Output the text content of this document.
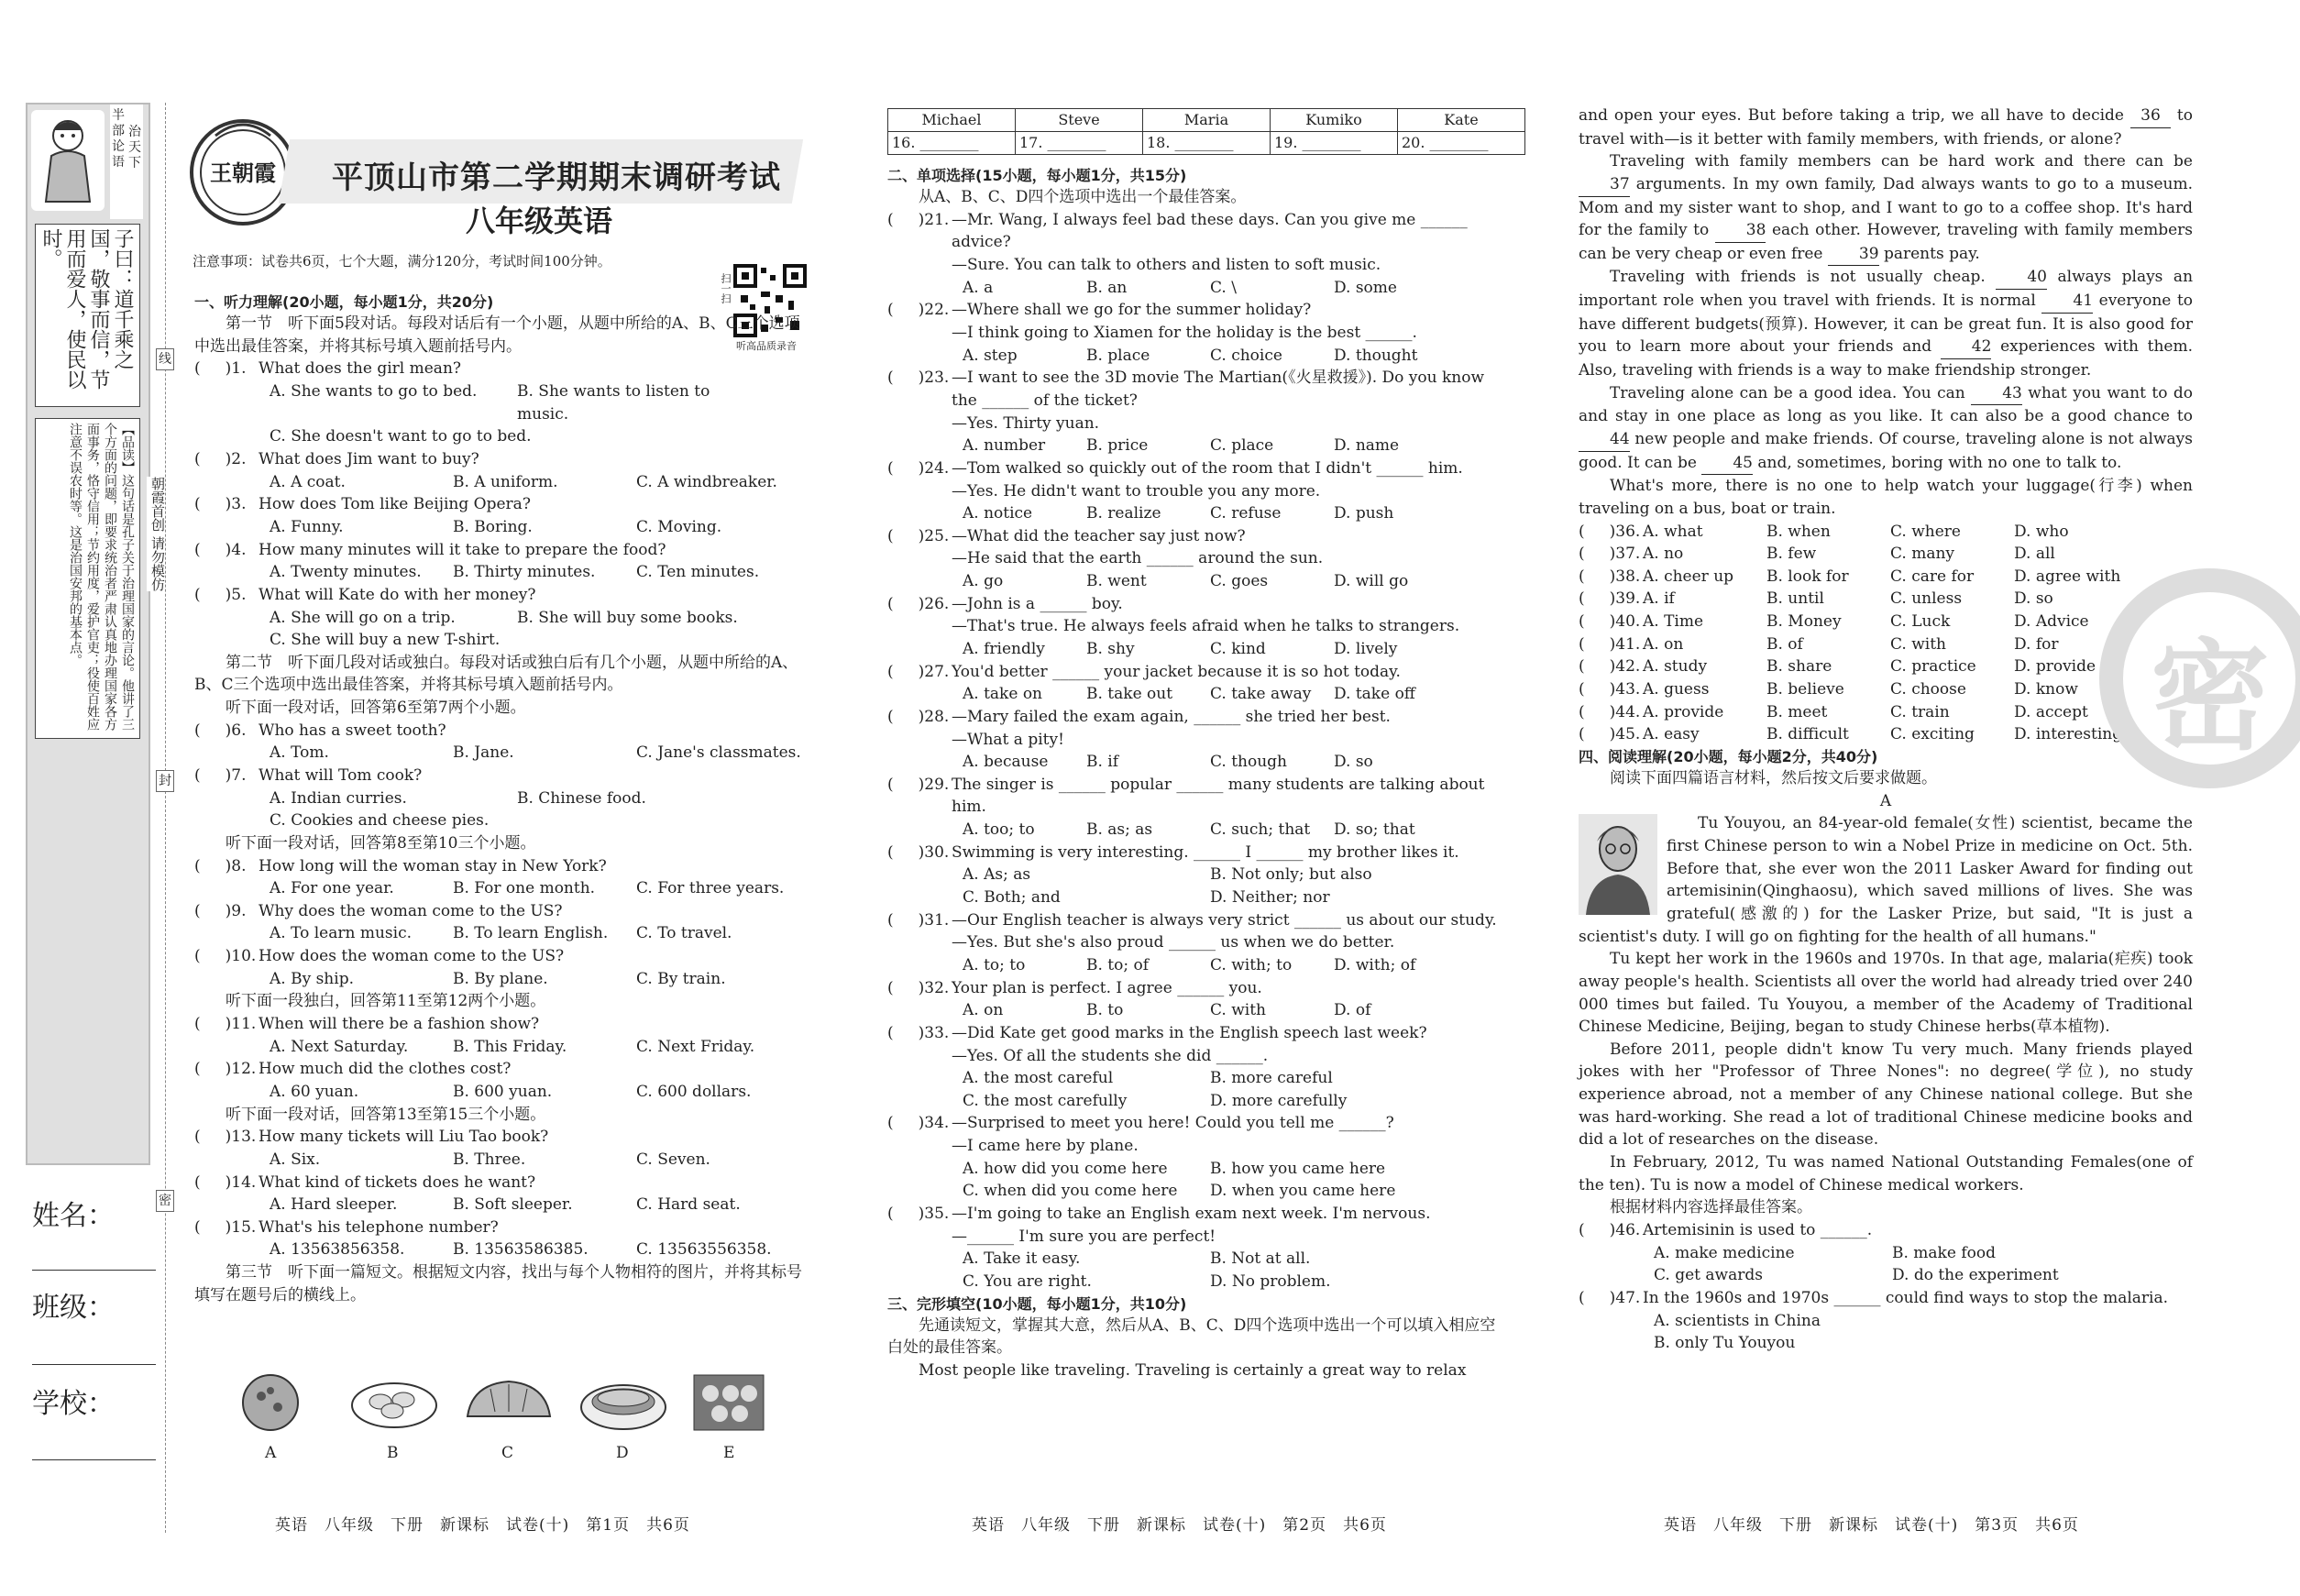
半
部
论
语
治
天
下
子曰：道千乘之国，敬事而信，节用而爱人，使民以时。
【品读】这句话是孔子关于治理国家的言论。他讲了三个方面的问题，即要求统治者严肃认真地办理国家各方面事务，恪守信用；节约用度，爱护官吏；役使百姓应注意不误农时等。这是治国安邦的基本点。	朝霞首创 请勿模仿
线
封
密
姓名：
班级：
学校：
王朝霞 平顶山市第二学期期末调研考试
八年级英语
注意事项：试卷共6页，七个大题，满分120分，考试时间100分钟。
扫一扫
听高品质录音

一、听力理解(20小题，每小题1分，共20分)

第一节　听下面5段对话。每段对话后有一个小题，从题中所给的A、B、C三个选项中选出最佳答案，并将其标号填入题前括号内。

(     )1. What does the girl mean?
A. She wants to go to bed.	B. She wants to listen to music.
C. She doesn't want to go to bed.
(     )2. What does Jim want to buy?
A. A coat.	B. A uniform.	C. A windbreaker.
(     )3. How does Tom like Beijing Opera?
A. Funny.	B. Boring.	C. Moving.
(     )4. How many minutes will it take to prepare the food?
A. Twenty minutes.	B. Thirty minutes.	C. Ten minutes.
(     )5. What will Kate do with her money?
A. She will go on a trip.	B. She will buy some books.
C. She will buy a new T-shirt.

第二节　听下面几段对话或独白。每段对话或独白后有几个小题，从题中所给的A、B、C三个选项中选出最佳答案，并将其标号填入题前括号内。

听下面一段对话，回答第6至第7两个小题。

(     )6. Who has a sweet tooth?
A. Tom.	B. Jane.	C. Jane's classmates.
(     )7. What will Tom cook?
A. Indian curries.	B. Chinese food.
C. Cookies and cheese pies.

听下面一段对话，回答第8至第10三个小题。

(     )8. How long will the woman stay in New York?
A. For one year.	B. For one month.	C. For three years.
(     )9. Why does the woman come to the US?
A. To learn music.	B. To learn English.	C. To travel.
(     )10. How does the woman come to the US?
A. By ship.	B. By plane.	C. By train.

听下面一段独白，回答第11至第12两个小题。

(     )11. When will there be a fashion show?
A. Next Saturday.	B. This Friday.	C. Next Friday.
(     )12. How much did the clothes cost?
A. 60 yuan.	B. 600 yuan.	C. 600 dollars.

听下面一段对话，回答第13至第15三个小题。

(     )13. How many tickets will Liu Tao book?
A. Six.	B. Three.	C. Seven.
(     )14. What kind of tickets does he want?
A. Hard sleeper.	B. Soft sleeper.	C. Hard seat.
(     )15. What's his telephone number?
A. 13563856358.	B. 13563586385.	C. 13563556358.

第三节　听下面一篇短文。根据短文内容，找出与每个人物相符的图片，并将其标号填写在题号后的横线上。

A	B	C	D	E
Michael	Steve	Maria	Kumiko	Kate
16. ________	17. ________	18. ________	19. ________	20. ________

二、单项选择(15小题，每小题1分，共15分)

从A、B、C、D四个选项中选出一个最佳答案。

(     )21. —Mr. Wang, I always feel bad these days. Can you give me ______ advice?
—Sure. You can talk to others and listen to soft music.
A. a	B. an	C. \	D. some
(     )22. —Where shall we go for the summer holiday?
—I think going to Xiamen for the holiday is the best ______.
A. step	B. place	C. choice	D. thought
(     )23. —I want to see the 3D movie The Martian(《火星救援》). Do you know the ______ of the ticket?
—Yes. Thirty yuan.
A. number	B. price	C. place	D. name
(     )24. —Tom walked so quickly out of the room that I didn't ______ him.
—Yes. He didn't want to trouble you any more.
A. notice	B. realize	C. refuse	D. push
(     )25. —What did the teacher say just now?
—He said that the earth ______ around the sun.
A. go	B. went	C. goes	D. will go
(     )26. —John is a ______ boy.
—That's true. He always feels afraid when he talks to strangers.
A. friendly	B. shy	C. kind	D. lively
(     )27. You'd better ______ your jacket because it is so hot today.
A. take on	B. take out	C. take away	D. take off
(     )28. —Mary failed the exam again, ______ she tried her best.
—What a pity!
A. because	B. if	C. though	D. so
(     )29. The singer is ______ popular ______ many students are talking about him.
A. too; to	B. as; as	C. such; that	D. so; that
(     )30. Swimming is very interesting. ______ I ______ my brother likes it.
A. As; as	B. Not only; but also
C. Both; and	D. Neither; nor
(     )31. —Our English teacher is always very strict ______ us about our study.
—Yes. But she's also proud ______ us when we do better.
A. to; to	B. to; of	C. with; to	D. with; of
(     )32. Your plan is perfect. I agree ______ you.
A. on	B. to	C. with	D. of
(     )33. —Did Kate get good marks in the English speech last week?
—Yes. Of all the students she did ______.
A. the most careful	B. more careful
C. the most carefully	D. more carefully
(     )34. —Surprised to meet you here! Could you tell me ______?
—I came here by plane.
A. how did you come here	B. how you came here
C. when did you come here	D. when you came here
(     )35. —I'm going to take an English exam next week. I'm nervous.
—______ I'm sure you are perfect!
A. Take it easy.	B. Not at all.
C. You are right.	D. No problem.

三、完形填空(10小题，每小题1分，共10分)

先通读短文，掌握其大意，然后从A、B、C、D四个选项中选出一个可以填入相应空白处的最佳答案。

Most people like traveling. Traveling is certainly a great way to relax

and open your eyes. But before taking a trip, we all have to decide 36 to travel with—is it better with family members, with friends, or alone?

Traveling with family members can be hard work and there can be 37 arguments. In my own family, Dad always wants to go to a museum. Mom and my sister want to shop, and I want to go to a coffee shop. It's hard for the family to 38 each other. However, traveling with family members can be very cheap or even free 39 parents pay.

Traveling with friends is not usually cheap.	40 always plays an important role when you travel with friends. It is normal 41 everyone to have different budgets(预算). However, it can be great fun. It is also good for you to learn more about your friends and	42 experiences with them. Also, traveling with friends is a way to make friendship stronger.

Traveling alone can be a good idea. You can 43 what you want to do and stay in one place as long as you like. It can also be a good chance to 44 new people and make friends. Of course, traveling alone is not always good. It can be 45 and, sometimes, boring with no one to talk to.

What's more, there is no one to help watch your luggage(行李) when traveling on a bus, boat or train.

(     )36. A. what	B. when	C. where	D. who
(     )37. A. no	B. few	C. many	D. all
(     )38. A. cheer up	B. look for	C. care for	D. agree with
(     )39. A. if	B. until	C. unless	D. so
(     )40. A. Time	B. Money	C. Luck	D. Advice
(     )41. A. on	B. of	C. with	D. for
(     )42. A. study	B. share	C. practice	D. provide
(     )43. A. guess	B. believe	C. choose	D. know
(     )44. A. provide	B. meet	C. train	D. accept
(     )45. A. easy	B. difficult	C. exciting	D. interesting

四、阅读理解(20小题，每小题2分，共40分)

阅读下面四篇语言材料，然后按文后要求做题。

A

Tu Youyou, an 84-year-old female(女性) scientist, became the first Chinese person to win a Nobel Prize in medicine on Oct. 5th. Before that, she ever won the 2011 Lasker Award for finding out artemisinin(Qinghaosu), which saved millions of lives. She was grateful(感激的) for the Lasker Prize, but said, "It is just a scientist's duty. I will go on fighting for the health of all humans."

Tu kept her work in the 1960s and 1970s. In that age, malaria(疟疾) took away people's health. Scientists all over the world had already tried over 240 000 times but failed. Tu Youyou, a member of the Academy of Traditional Chinese Medicine, Beijing, began to study Chinese herbs(草本植物).

Before 2011, people didn't know Tu very much. Many friends played jokes with her "Professor of Three Nones": no degree(学位), no study experience abroad, not a member of any Chinese national college. But she was hard-working. She read a lot of traditional Chinese medicine books and did a lot of researches on the disease.

In February, 2012, Tu was named National Outstanding Females(one of the ten). Tu is now a model of Chinese medical workers.

根据材料内容选择最佳答案。

(     )46. Artemisinin is used to ______.
A. make medicine	B. make food
C. get awards	D. do the experiment
(     )47. In the 1960s and 1970s ______ could find ways to stop the malaria.
A. scientists in China
B. only Tu Youyou
密
英语　八年级　下册　新课标　试卷(十)　第1页　共6页	英语　八年级　下册　新课标　试卷(十)　第2页　共6页	英语　八年级　下册　新课标　试卷(十)　第3页　共6页
